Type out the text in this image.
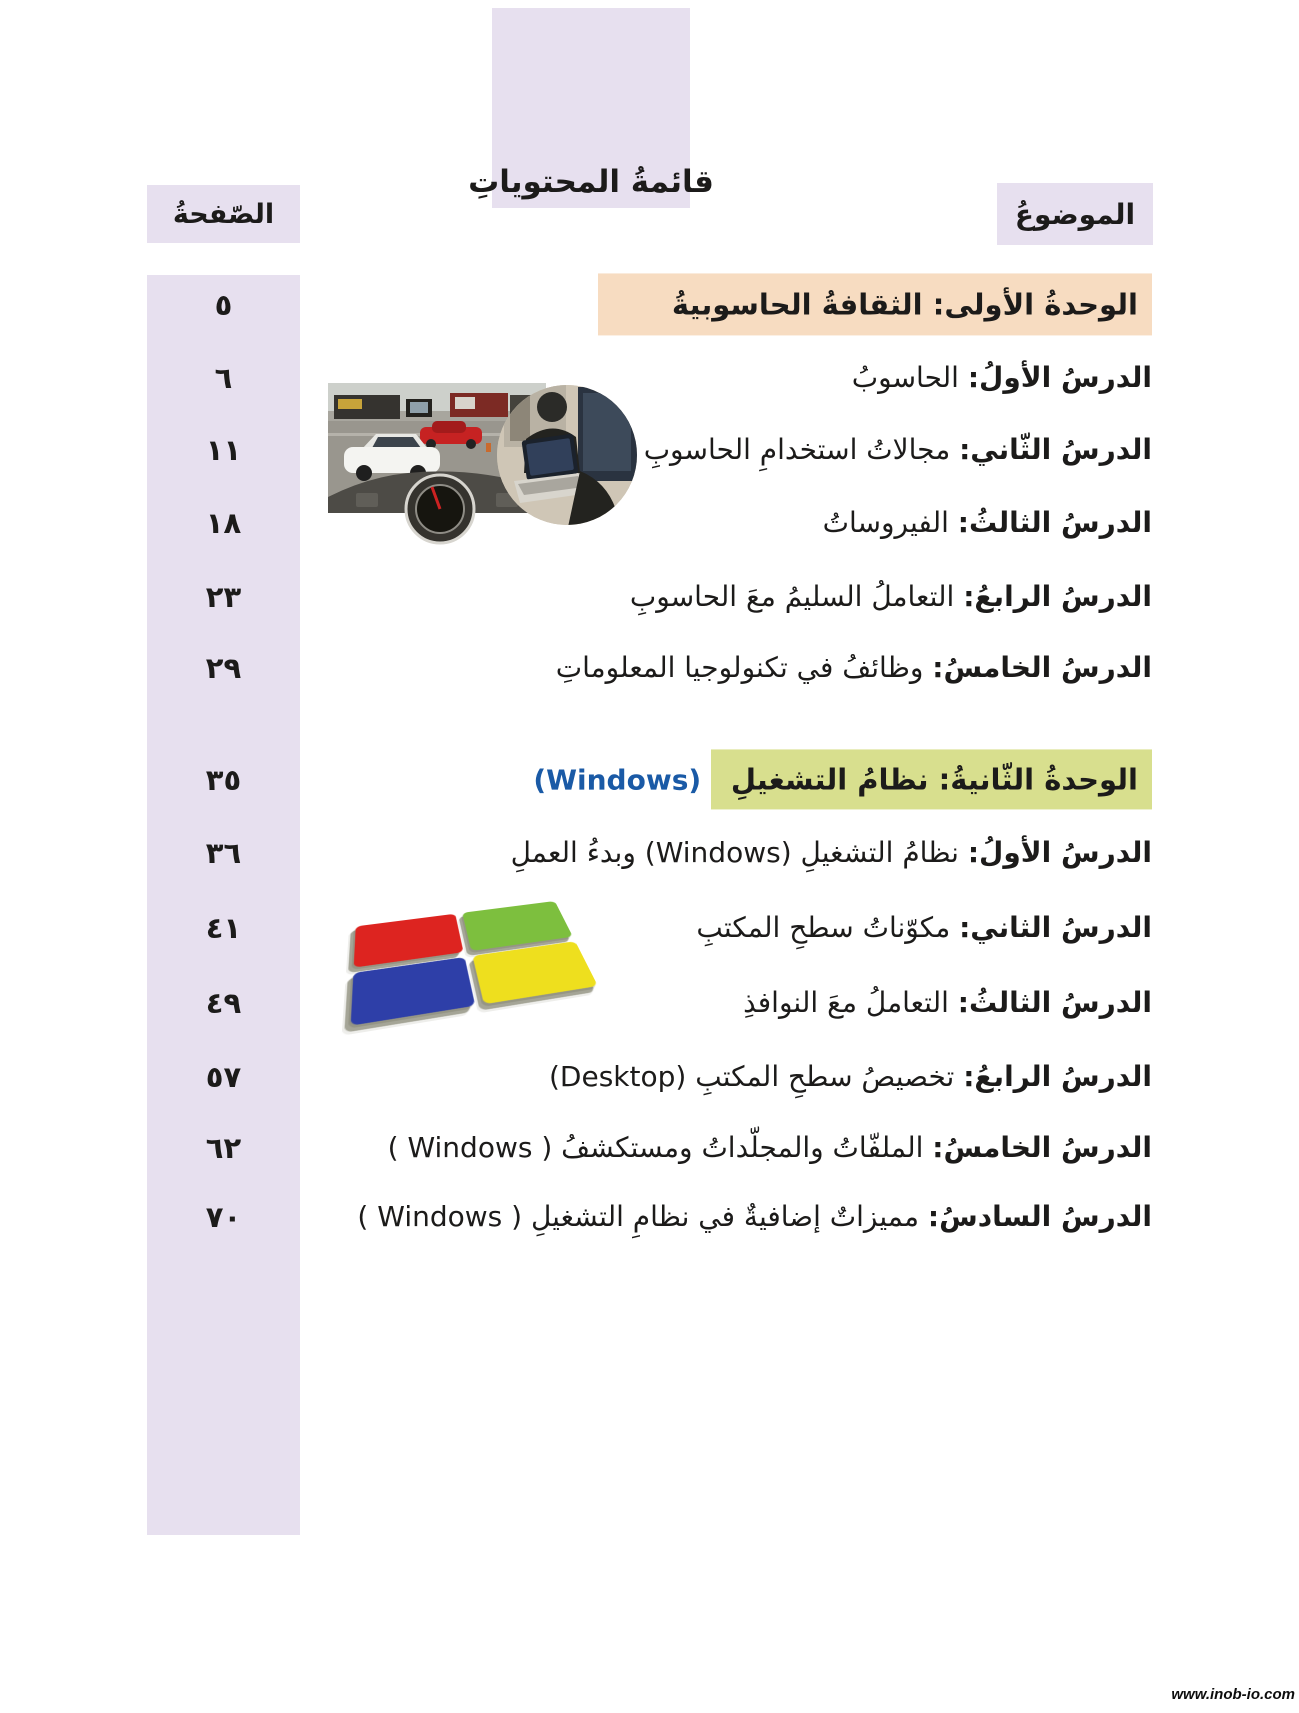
قائمةُ المحتوياتِ
الموضوعُ
الصّفحةُ
٥	الوحدةُ الأولى: الثقافةُ الحاسوبيةُ
٦	الدرسُ الأولُ: الحاسوبُ
١١	الدرسُ الثّاني: مجالاتُ استخدامِ الحاسوبِ
١٨	الدرسُ الثالثُ: الفيروساتُ
٢٣	الدرسُ الرابعُ: التعاملُ السليمُ معَ الحاسوبِ
٢٩	الدرسُ الخامسُ: وظائفُ في تكنولوجيا المعلوماتِ
٣٥	الوحدةُ الثّانيةُ: نظامُ التشغيلِ (Windows)
٣٦	الدرسُ الأولُ: نظامُ التشغيلِ (Windows) وبدءُ العملِ
٤١	الدرسُ الثاني: مكوّناتُ سطحِ المكتبِ
٤٩	الدرسُ الثالثُ: التعاملُ معَ النوافذِ
٥٧	الدرسُ الرابعُ: تخصيصُ سطحِ المكتبِ (Desktop)
٦٢	الدرسُ الخامسُ: الملفّاتُ والمجلّداتُ ومستكشفُ ( Windows )
٧٠	الدرسُ السادسُ: مميزاتٌ إضافيةٌ في نظامِ التشغيلِ ( Windows )
www.inob-io.com
